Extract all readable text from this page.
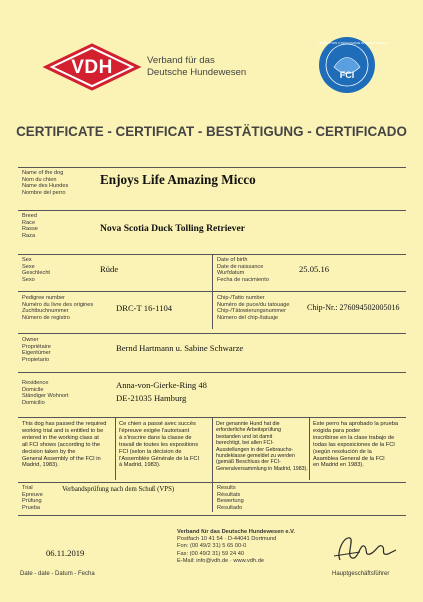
VDH	Verband für das
Deutsche Hundewesen
FEDERATION CYNOLOGIQUE INTERNATIONALE
FCI
CERTIFICATE - CERTIFICAT - BESTÄTIGUNG - CERTIFICADO
Name of the dog
Nom du chien
Name des Hundes
Nombre del perro
Enjoys Life Amazing Micco
Breed
Race
Rasse
Raza
Nova Scotia Duck Tolling Retriever
Sex
Sexe
Geschlecht
Sexo
Rüde
Date of birth
Date de naissance
Wurfdatum
Fecha de nacimiento
25.05.16
Pedigree number
Numéro du livre des origines
Zuchtbuchnummer
Número de registro
DRC-T 16-1104
Chip-/Tatto number
Numéro de puce/du tatouage
Chip-/Tätowierungsnummer
Número del chip-/tatuaje
Chip-Nr.: 276094502005016
Owner
Propriétaire
Eigentümer
Propietario
Bernd Hartmann u. Sabine Schwarze
Residence
Domicile
Ständiger Wohnort
Domicilio
Anna-von-Gierke-Ring 48
DE-21035 Hamburg
This dog has passed the required
working trial and is entitled to be
entered in the working class at
all FCI shows (according to the
decision taken by the
General Assembly of the FCI in
Madrid, 1983).
Ce chien a passé avec succès
l'épreuve exigée l'autorisant
à s'inscrire dans la classe de
travail de toutes les expositions
FCI (selon la décision de
l'Assemblée Générale de la FCI
à Madrid, 1983).
Der genannte Hund hat die
erforderliche Arbeitsprüfung
bestanden und ist damit
berechtigt, bei allen FCI-
Ausstellungen in der Gebrauchs-
hundeklasse gemeldet zu werden
(gemäß Beschluss der FCI-
Generalversammlung in Madrid, 1983).
Este perro ha aprobado la prueba
exigida para poder
inscribirse en la clase trabajo de
todas las exposiciones de la FCI
(según resolución de la
Asamblea General de la FCI
en Madrid en 1983).
Trial
Epreuve
Prüfung
Prueba
Verbandsprüfung nach dem Schuß (VPS)	Results
Résultats
Bewertung
Resultado
06.11.2019
Date - date - Datum - Fecha
Verband für das Deutsche Hundewesen e.V.
Postfach 10 41 54 · D-44041 Dortmund
Fon: (00 49/2 31) 5 65 00-0
Fax: (00 49/2 31) 59 24 40
E-Mail: info@vdh.de · www.vdh.de
Hauptgeschäftsführer
